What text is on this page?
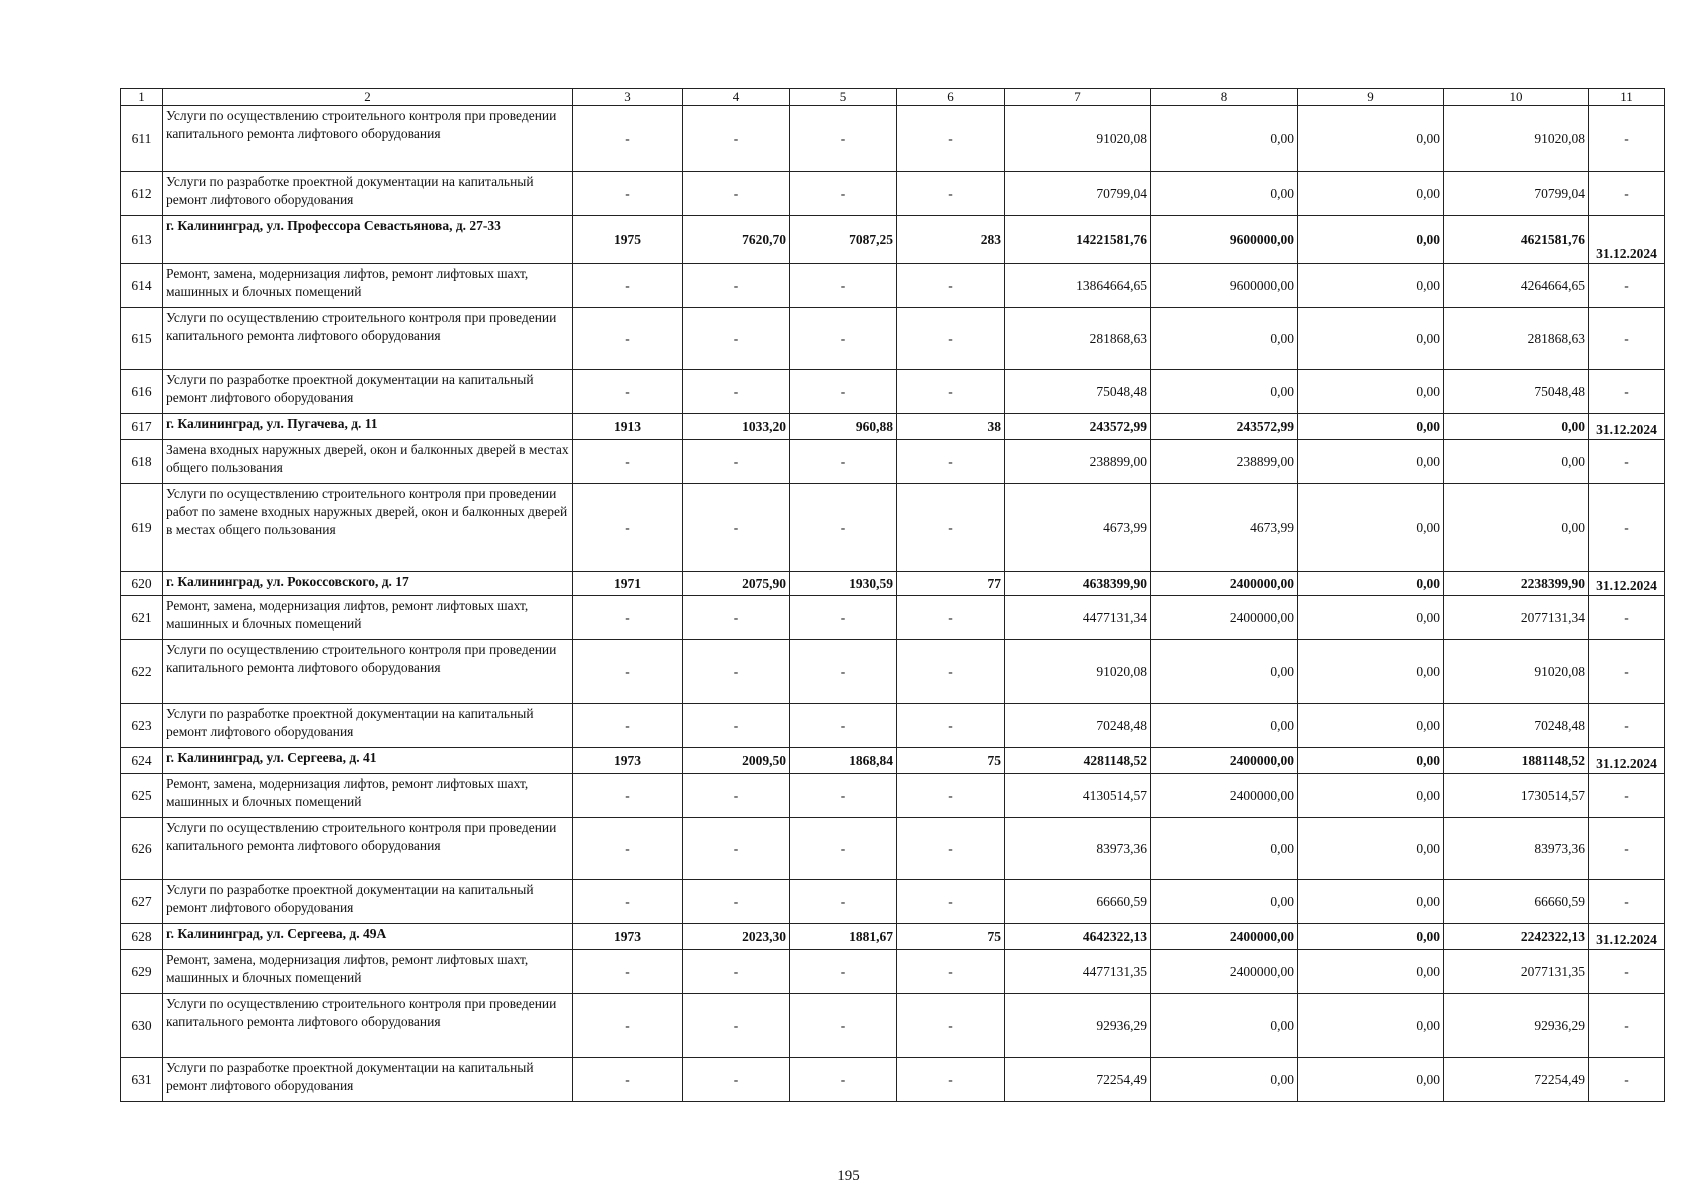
1	2	3	4	5	6	7	8	9	10	11
611	Услуги по осуществлению строительного контроля при проведении капитального ремонта лифтового оборудования	-	-	-	-	91020,08	0,00	0,00	91020,08	-
612	Услуги по разработке проектной документации на капитальный ремонт лифтового оборудования	-	-	-	-	70799,04	0,00	0,00	70799,04	-
613	г. Калининград, ул. Профессора Севастьянова, д. 27-33	1975	7620,70	7087,25	283	14221581,76	9600000,00	0,00	4621581,76	31.12.2024
614	Ремонт, замена, модернизация лифтов, ремонт лифтовых шахт, машинных и блочных помещений	-	-	-	-	13864664,65	9600000,00	0,00	4264664,65	-
615	Услуги по осуществлению строительного контроля при проведении капитального ремонта лифтового оборудования	-	-	-	-	281868,63	0,00	0,00	281868,63	-
616	Услуги по разработке проектной документации на капитальный ремонт лифтового оборудования	-	-	-	-	75048,48	0,00	0,00	75048,48	-
617	г. Калининград, ул. Пугачева, д. 11	1913	1033,20	960,88	38	243572,99	243572,99	0,00	0,00	31.12.2024
618	Замена входных наружных дверей, окон и балконных дверей в местах общего пользования	-	-	-	-	238899,00	238899,00	0,00	0,00	-
619	Услуги по осуществлению строительного контроля при проведении работ по замене входных наружных дверей, окон и балконных дверей в местах общего пользования	-	-	-	-	4673,99	4673,99	0,00	0,00	-
620	г. Калининград, ул. Рокоссовского, д. 17	1971	2075,90	1930,59	77	4638399,90	2400000,00	0,00	2238399,90	31.12.2024
621	Ремонт, замена, модернизация лифтов, ремонт лифтовых шахт, машинных и блочных помещений	-	-	-	-	4477131,34	2400000,00	0,00	2077131,34	-
622	Услуги по осуществлению строительного контроля при проведении капитального ремонта лифтового оборудования	-	-	-	-	91020,08	0,00	0,00	91020,08	-
623	Услуги по разработке проектной документации на капитальный ремонт лифтового оборудования	-	-	-	-	70248,48	0,00	0,00	70248,48	-
624	г. Калининград, ул. Сергеева, д. 41	1973	2009,50	1868,84	75	4281148,52	2400000,00	0,00	1881148,52	31.12.2024
625	Ремонт, замена, модернизация лифтов, ремонт лифтовых шахт, машинных и блочных помещений	-	-	-	-	4130514,57	2400000,00	0,00	1730514,57	-
626	Услуги по осуществлению строительного контроля при проведении капитального ремонта лифтового оборудования	-	-	-	-	83973,36	0,00	0,00	83973,36	-
627	Услуги по разработке проектной документации на капитальный ремонт лифтового оборудования	-	-	-	-	66660,59	0,00	0,00	66660,59	-
628	г. Калининград, ул. Сергеева, д. 49А	1973	2023,30	1881,67	75	4642322,13	2400000,00	0,00	2242322,13	31.12.2024
629	Ремонт, замена, модернизация лифтов, ремонт лифтовых шахт, машинных и блочных помещений	-	-	-	-	4477131,35	2400000,00	0,00	2077131,35	-
630	Услуги по осуществлению строительного контроля при проведении капитального ремонта лифтового оборудования	-	-	-	-	92936,29	0,00	0,00	92936,29	-
631	Услуги по разработке проектной документации на капитальный ремонт лифтового оборудования	-	-	-	-	72254,49	0,00	0,00	72254,49	-
195
